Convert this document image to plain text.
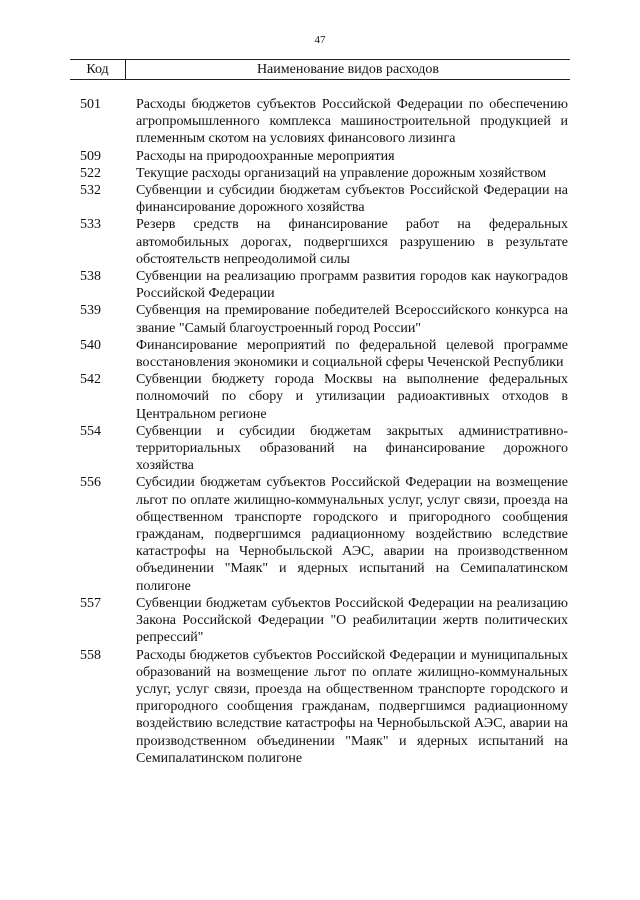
47
Код	Наименование видов расходов
501	Расходы бюджетов субъектов Российской Федерации по обеспечению агропромышленного комплекса машиностроительной продукцией и племенным скотом на условиях финансового лизинга
509	Расходы на природоохранные мероприятия
522	Текущие расходы организаций на управление дорожным хозяйством
532	Субвенции и субсидии бюджетам субъектов Российской Федерации на финансирование дорожного хозяйства
533	Резерв средств на финансирование работ на федеральных автомобильных дорогах, подвергшихся разрушению в результате обстоятельств непреодолимой силы
538	Субвенции на реализацию программ развития городов как наукоградов Российской Федерации
539	Субвенция на премирование победителей Всероссийского конкурса на звание "Самый благоустроенный город России"
540	Финансирование мероприятий по федеральной целевой программе восстановления экономики и социальной сферы Чеченской Республики
542	Субвенции бюджету города Москвы на выполнение федеральных полномочий по сбору и утилизации радиоактивных отходов в Центральном регионе
554	Субвенции и субсидии бюджетам закрытых административно-территориальных образований на финансирование дорожного хозяйства
556	Субсидии бюджетам субъектов Российской Федерации на возмещение льгот по оплате жилищно-коммунальных услуг, услуг связи, проезда на общественном транспорте городского и пригородного сообщения гражданам, подвергшимся радиационному воздействию вследствие катастрофы на Чернобыльской АЭС, аварии на производственном объединении "Маяк" и ядерных испытаний на Семипалатинском полигоне
557	Субвенции бюджетам субъектов Российской Федерации на реализацию Закона Российской Федерации "О реабилитации жертв политических репрессий"
558	Расходы бюджетов субъектов Российской Федерации и муниципальных образований на возмещение льгот по оплате жилищно-коммунальных услуг, услуг связи, проезда на общественном транспорте городского и пригородного сообщения гражданам, подвергшимся радиационному воздействию вследствие катастрофы на Чернобыльской АЭС, аварии на производственном объединении "Маяк" и ядерных испытаний на Семипалатинском полигоне
